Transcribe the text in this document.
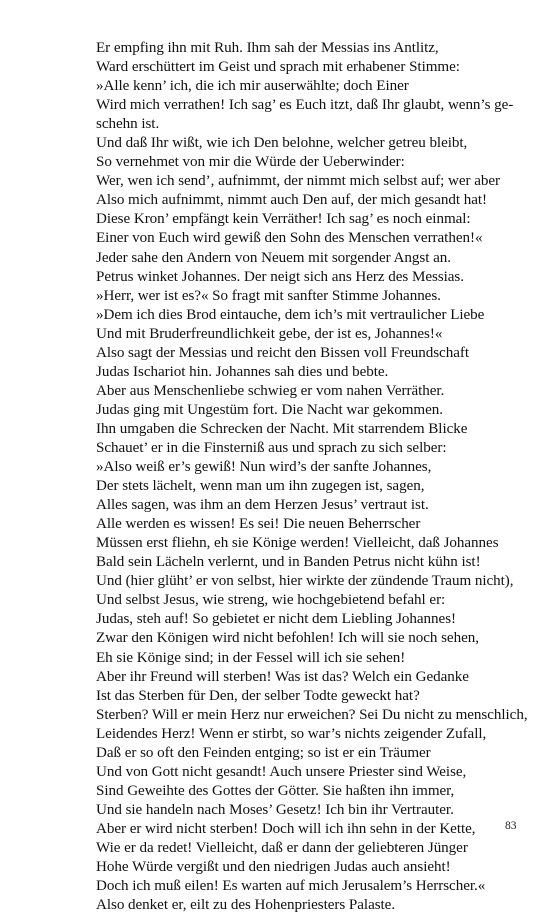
Er empfing ihn mit Ruh. Ihm sah der Messias ins Antlitz,
Ward erschüttert im Geist und sprach mit erhabener Stimme:
»Alle kenn’ ich, die ich mir auserwählte; doch Einer
Wird mich verrathen! Ich sag’ es Euch itzt, daß Ihr glaubt, wenn’s ge-
schehn ist.
Und daß Ihr wißt, wie ich Den belohne, welcher getreu bleibt,
So vernehmet von mir die Würde der Ueberwinder:
Wer, wen ich send’, aufnimmt, der nimmt mich selbst auf; wer aber
Also mich aufnimmt, nimmt auch Den auf, der mich gesandt hat!
Diese Kron’ empfängt kein Verräther! Ich sag’ es noch einmal:
Einer von Euch wird gewiß den Sohn des Menschen verrathen!«
Jeder sahe den Andern von Neuem mit sorgender Angst an.
Petrus winket Johannes. Der neigt sich ans Herz des Messias.
»Herr, wer ist es?« So fragt mit sanfter Stimme Johannes.
»Dem ich dies Brod eintauche, dem ich’s mit vertraulicher Liebe
Und mit Bruderfreundlichkeit gebe, der ist es, Johannes!«
Also sagt der Messias und reicht den Bissen voll Freundschaft
Judas Ischariot hin. Johannes sah dies und bebte.
Aber aus Menschenliebe schwieg er vom nahen Verräther.
Judas ging mit Ungestüm fort. Die Nacht war gekommen.
Ihn umgaben die Schrecken der Nacht. Mit starrendem Blicke
Schauet’ er in die Finsterniß aus und sprach zu sich selber:
»Also weiß er’s gewiß! Nun wird’s der sanfte Johannes,
Der stets lächelt, wenn man um ihn zugegen ist, sagen,
Alles sagen, was ihm an dem Herzen Jesus’ vertraut ist.
Alle werden es wissen! Es sei! Die neuen Beherrscher
Müssen erst fliehn, eh sie Könige werden! Vielleicht, daß Johannes
Bald sein Lächeln verlernt, und in Banden Petrus nicht kühn ist!
Und (hier glüht’ er von selbst, hier wirkte der zündende Traum nicht),
Und selbst Jesus, wie streng, wie hochgebietend befahl er:
Judas, steh auf! So gebietet er nicht dem Liebling Johannes!
Zwar den Königen wird nicht befohlen! Ich will sie noch sehen,
Eh sie Könige sind; in der Fessel will ich sie sehen!
Aber ihr Freund will sterben! Was ist das? Welch ein Gedanke
Ist das Sterben für Den, der selber Todte geweckt hat?
Sterben? Will er mein Herz nur erweichen? Sei Du nicht zu menschlich,
Leidendes Herz! Wenn er stirbt, so war’s nichts zeigender Zufall,
Daß er so oft den Feinden entging; so ist er ein Träumer
Und von Gott nicht gesandt! Auch unsere Priester sind Weise,
Sind Geweihte des Gottes der Götter. Sie haßten ihn immer,
Und sie handeln nach Moses’ Gesetz! Ich bin ihr Vertrauter.
Aber er wird nicht sterben! Doch will ich ihn sehn in der Kette,
Wie er da redet! Vielleicht, daß er dann der geliebteren Jünger
Hohe Würde vergißt und den niedrigen Judas auch ansieht!
Doch ich muß eilen! Es warten auf mich Jerusalem’s Herrscher.«
Also denket er, eilt zu des Hohenpriesters Palaste.
83
